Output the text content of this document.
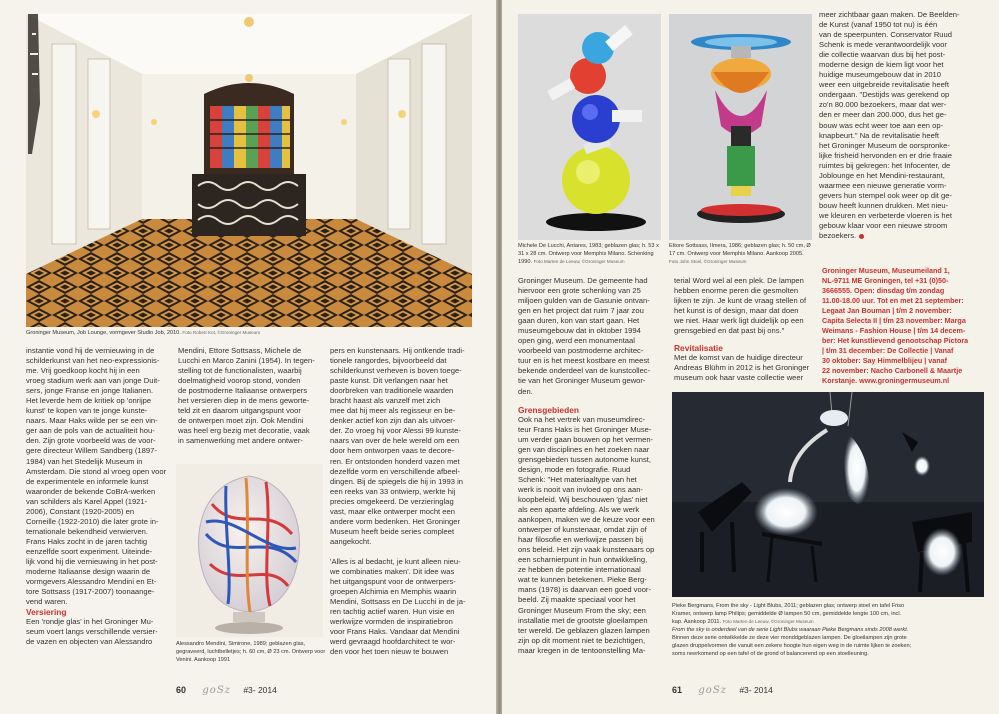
Groninger Museum, Job Lounge, vormgever Studio Job, 2010. Foto Robert Kot, ©Groninger Museum

instantie vond hij de vernieuwing in de

schilderkunst van het neo-expressionis-

me. Vrij goedkoop kocht hij in een

vroeg stadium werk aan van jonge Duit-

sers, jonge Franse en jonge Italianen.

Het leverde hem de kritiek op 'onrijpe

kunst' te kopen van te jonge kunste-

naars. Maar Haks wilde per se een vin-

ger aan de pols van de actualiteit hou-

den. Zijn grote voorbeeld was de voor-

gere directeur Willem Sandberg (1897-

1984) van het Stedelijk Museum in

Amsterdam. Die stond al vroeg open voor

de experimentele en informele kunst

waaronder de bekende CoBrA-werken

van schilders als Karel Appel (1921-

2006), Constant (1920-2005) en

Corneille (1922-2010) die later grote in-

ternationale bekendheid verwierven.

Frans Haks zocht in de jaren tachtig

eenzelfde soort experiment. Uiteinde-

lijk vond hij die vernieuwing in het post-

moderne Italiaanse design waarin de

vormgevers Alessandro Mendini en Et-

tore Sottsass (1917-2007) toonaange-

vend waren.

Versiering

Een 'rondje glas' in het Groninger Mu-

seum voert langs verschillende versier-

de vazen en objecten van Alessandro

Mendini, Ettore Sottsass, Michele de

Lucchi en Marco Zanini (1954). In tegen-

stelling tot de functionalisten, waarbij

doelmatigheid voorop stond, vonden

de postmoderne Italiaanse ontwerpers

het versieren diep in de mens geworte-

teld zit en daarom uitgangspunt voor

de ontwerpen moet zijn. Ook Mendini

was heel erg bezig met decoratie, vaak

in samenwerking met andere ontwer-

Alessandro Mendini, Simirone, 1989; geblazen glas, gegraveerd, luchtbelletjes; h. 60 cm, Ø 23 cm. Ontwerp voor Venini. Aankoop 1991

pers en kunstenaars. Hij ontkende tradi-

tionele rangordes, bijvoorbeeld dat

schilderkunst verheven is boven toege-

paste kunst. Dit verlangen naar het

doorbreken van traditionele waarden

bracht haast als vanzelf met zich

mee dat hij meer als regisseur en be-

denker actief kon zijn dan als uitvoer-

der. Zo vroeg hij voor Alessi 99 kunste-

naars van over de hele wereld om een

door hem ontworpen vaas te decore-

ren. Er ontstonden honderd vazen met

dezelfde vorm en verschillende afbeel-

dingen. Bij de spiegels die hij in 1993 in

een reeks van 33 ontwierp, werkte hij

precies omgekeerd. De verzieringlag

vast, maar elke ontwerper mocht een

andere vorm bedenken. Het Groninger

Museum heeft beide series compleet

aangekocht.

'Alles is al bedacht, je kunt alleen nieu-

we combinaties maken'. Dit idee was

het uitgangspunt voor de ontwerpers-

groepen Alchimia en Memphis waarin

Mendini, Sottsass en De Lucchi in de ja-

ren tachtig actief waren. Hun visie en

werkwijze vormden de inspiratiebron

voor Frans Haks. Vandaar dat Mendini

werd gevraagd hoofdarchitect te wor-

den voor het toen nieuw te bouwen

60 goSz #3- 2014
Michele De Lucchi, Antares, 1983; geblazen glas; h. 53 x 31 x 28 cm. Ontwerp voor Memphis Milano. Schenking 1990. Foto Marten de Leeuw, ©Groninger Museum
Ettore Sottsass, Ilmera, 1986; geblazen glas; h. 50 cm, Ø 17 cm. Ontwerp voor Memphis Milano. Aankoop 2005. Foto John Stoel, ©Groninger Museum

Groninger Museum. De gemeente had

hiervoor een grote schenking van 25

miljoen gulden van de Gasunie ontvan-

gen en het project dat ruim 7 jaar zou

gaan duren, kon van start gaan. Het

museumgebouw dat in oktober 1994

open ging, werd een monumentaal

voorbeeld van postmoderne architec-

tuur en is het meest kostbare en meest

bekende onderdeel van de kunstcollec-

tie van het Groninger Museum gewor-

den.

Grensgebieden

Ook na het vertrek van museumdirec-

teur Frans Haks is het Groninger Muse-

um verder gaan bouwen op het vermen-

gen van disciplines en het zoeken naar

grensgebieden tussen autonome kunst,

design, mode en fotografie. Ruud

Schenk: "Het materiaaltype van het

werk is nooit van invloed op ons aan-

koopbeleid. Wij beschouwen 'glas' niet

als een aparte afdeling. Als we werk

aankopen, maken we de keuze voor een

ontwerper of kunstenaar, omdat zijn of

haar filosofie en werkwijze passen bij

ons beleid. Het zijn vaak kunstenaars op

een scharnierpunt in hun ontwikkeling,

ze hebben de potentie internationaal

wat te kunnen betekenen. Pieke Berg-

mans (1978) is daarvan een goed voor-

beeld. Zij maakte speciaal voor het

Groninger Museum From the sky; een

installatie met de grootste gloeilampen

ter wereld. De geblazen glazen lampen

zijn op dit moment niet te bezichtigen,

maar kregen in de tentoonstelling Ma-

terial Word wel al een plek. De lampen

hebben enorme peren die gesmolten

lijken te zijn. Je kunt de vraag stellen of

het kunst is of design, maar dat doen

we niet. Haar werk ligt duidelijk op een

grensgebied en dat past bij ons."

Revitalisatie

Met de komst van de huidige directeur

Andreas Blühm in 2012 is het Groninger

museum ook haar vaste collectie weer

meer zichtbaar gaan maken. De Beelden-

de Kunst (vanaf 1950 tot nu) is één

van de speerpunten. Conservator Ruud

Schenk is mede verantwoordelijk voor

die collectie waarvan dus bij het post-

moderne design de kiem ligt voor het

huidige museumgebouw dat in 2010

weer een uitgebreide revitalisatie heeft

ondergaan. "Destijds was gerekend op

zo'n 80.000 bezoekers, maar dat wer-

den er meer dan 200.000, dus het ge-

bouw was echt weer toe aan een op-

knapbeurt." Na de revitalisatie heeft

het Groninger Museum de oorspronke-

lijke frisheid hervonden en er drie fraaie

ruimtes bij gekregen: het Infocenter, de

Joblounge en het Mendini-restaurant,

waarmee een nieuwe generatie vorm-

gevers hun stempel ook weer op dit ge-

bouw heeft kunnen drukken. Met nieu-

we kleuren en verbeterde vloeren is het

gebouw klaar voor een nieuwe stroom

bezoekers.

Groninger Museum, Museumeiland 1,

NL-9711 ME Groningen, tel +31 (0)50-

3666555. Open: dinsdag t/m zondag

11.00-18.00 uur. Tot en met 21 september:

Legaat Jan Bouman | t/m 2 november:

Capita Selecta II | t/m 23 november: Marga

Weimans - Fashion House | t/m 14 decem-

ber: Het kunstlievend genootschap Pictora

| t/m 31 december: De Collectie | Vanaf

30 oktober: Say Himmelblijeu | vanaf

22 november: Nacho Carbonell & Maartje

Korstanje. www.groningermuseum.nl

Pieke Bergmans, From the sky - Light Blubs, 2011; geblazen glas; ontwerp stoel en tafel Friso

Kramer, ontwerp lamp Philips; gemiddelde Ø lampen 50 cm, gemiddelde lengte 100 cm, incl.

kap. Aankoop 2011. Foto Marten de Leeuw, ©Groninger Museum

From the sky is onderdeel van de serie Light Blubs waaraan Pieke Bergmans sinds 2008 werkt.

Binnen deze serie ontwikkelde ze deze vier monddgeblazen lampen. De gloeilampen zijn grote

glazen druppelvormen die vanuit een zekere hoogte hun eigen weg in de ruimte lijken te zoeken;

soms neerkomend op een tafel of de grond of balancerend op een stoelleuning.

61 goSz #3- 2014
